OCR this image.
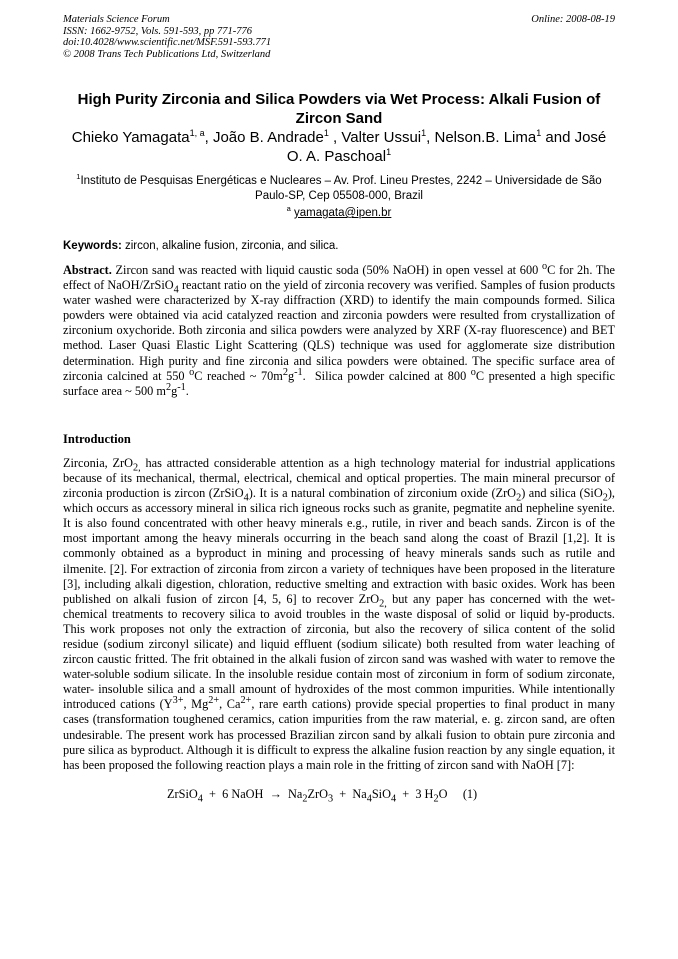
Materials Science Forum
ISSN: 1662-9752, Vols. 591-593, pp 771-776
doi:10.4028/www.scientific.net/MSF.591-593.771
© 2008 Trans Tech Publications Ltd, Switzerland
Online: 2008-08-19
High Purity Zirconia and Silica Powders via Wet Process: Alkali Fusion of Zircon Sand
Chieko Yamagata$^{1, a}$, João B. Andrade$^1$ , Valter Ussui$^1$, Nelson.B. Lima$^1$ and José O. A. Paschoal$^1$
$^1$Instituto de Pesquisas Energéticas e Nucleares – Av. Prof. Lineu Prestes, 2242 – Universidade de São Paulo-SP, Cep 05508-000, Brazil
$^a$ yamagata@ipen.br
Keywords: zircon, alkaline fusion, zirconia, and silica.
Abstract. Zircon sand was reacted with liquid caustic soda (50% NaOH) in open vessel at 600 $^o$C for 2h. The effect of NaOH/ZrSiO$_4$ reactant ratio on the yield of zirconia recovery was verified. Samples of fusion products water washed were characterized by X-ray diffraction (XRD) to identify the main compounds formed. Silica powders were obtained via acid catalyzed reaction and zirconia powders were resulted from crystallization of zirconium oxychoride. Both zirconia and silica powders were analyzed by XRF (X-ray fluorescence) and BET method. Laser Quasi Elastic Light Scattering (QLS) technique was used for agglomerate size distribution determination. High purity and fine zirconia and silica powders were obtained. The specific surface area of zirconia calcined at 550 $^o$C reached ~ $70m^2g^{-1}$.  Silica powder calcined at 800 $^o$C presented a high specific surface area ~ 500 $m^2g^{-1}$.
Introduction
Zirconia, ZrO$_{2,}$ has attracted considerable attention as a high technology material for industrial applications because of its mechanical, thermal, electrical, chemical and optical properties. The main mineral precursor of zirconia production is zircon (ZrSiO$_4$). It is a natural combination of zirconium oxide (ZrO$_2$) and silica (SiO$_2$), which occurs as accessory mineral in silica rich igneous rocks such as granite, pegmatite and nepheline syenite. It is also found concentrated with other heavy minerals e.g., rutile, in river and beach sands. Zircon is of the most important among the heavy minerals occurring in the beach sand along the coast of Brazil [1,2]. It is commonly obtained as a byproduct in mining and processing of heavy minerals sands such as rutile and ilmenite. [2]. For extraction of zirconia from zircon a variety of techniques have been proposed in the literature [3], including alkali digestion, chloration, reductive smelting and extraction with basic oxides. Work has been published on alkali fusion of zircon [4, 5, 6] to recover ZrO$_{2,}$ but any paper has concerned with the wet-chemical treatments to recovery silica to avoid troubles in the waste disposal of solid or liquid by-products. This work proposes not only the extraction of zirconia, but also the recovery of silica content of the solid residue (sodium zirconyl silicate) and liquid effluent (sodium silicate) both resulted from water leaching of zircon caustic fritted. The frit obtained in the alkali fusion of zircon sand was washed with water to remove the water-soluble sodium silicate. In the insoluble residue contain most of zirconium in form of sodium zirconate, water- insoluble silica and a small amount of hydroxides of the most common impurities. While intentionally introduced cations ($Y^{3+}$, $Mg^{2+}$, $Ca^{2+}$, rare earth cations) provide special properties to final product in many cases (transformation toughened ceramics, cation impurities from the raw material, e. g. zircon sand, are often undesirable. The present work has processed Brazilian zircon sand by alkali fusion to obtain pure zirconia and pure silica as byproduct. Although it is difficult to express the alkaline fusion reaction by any single equation, it has been proposed the following reaction plays a main role in the fritting of zircon sand with NaOH [7]:
ZrSiO$_4$  +  6 NaOH  →  $Na_2ZrO_3 + Na_4SiO_4 + 3$ $H_2O$     (1)
